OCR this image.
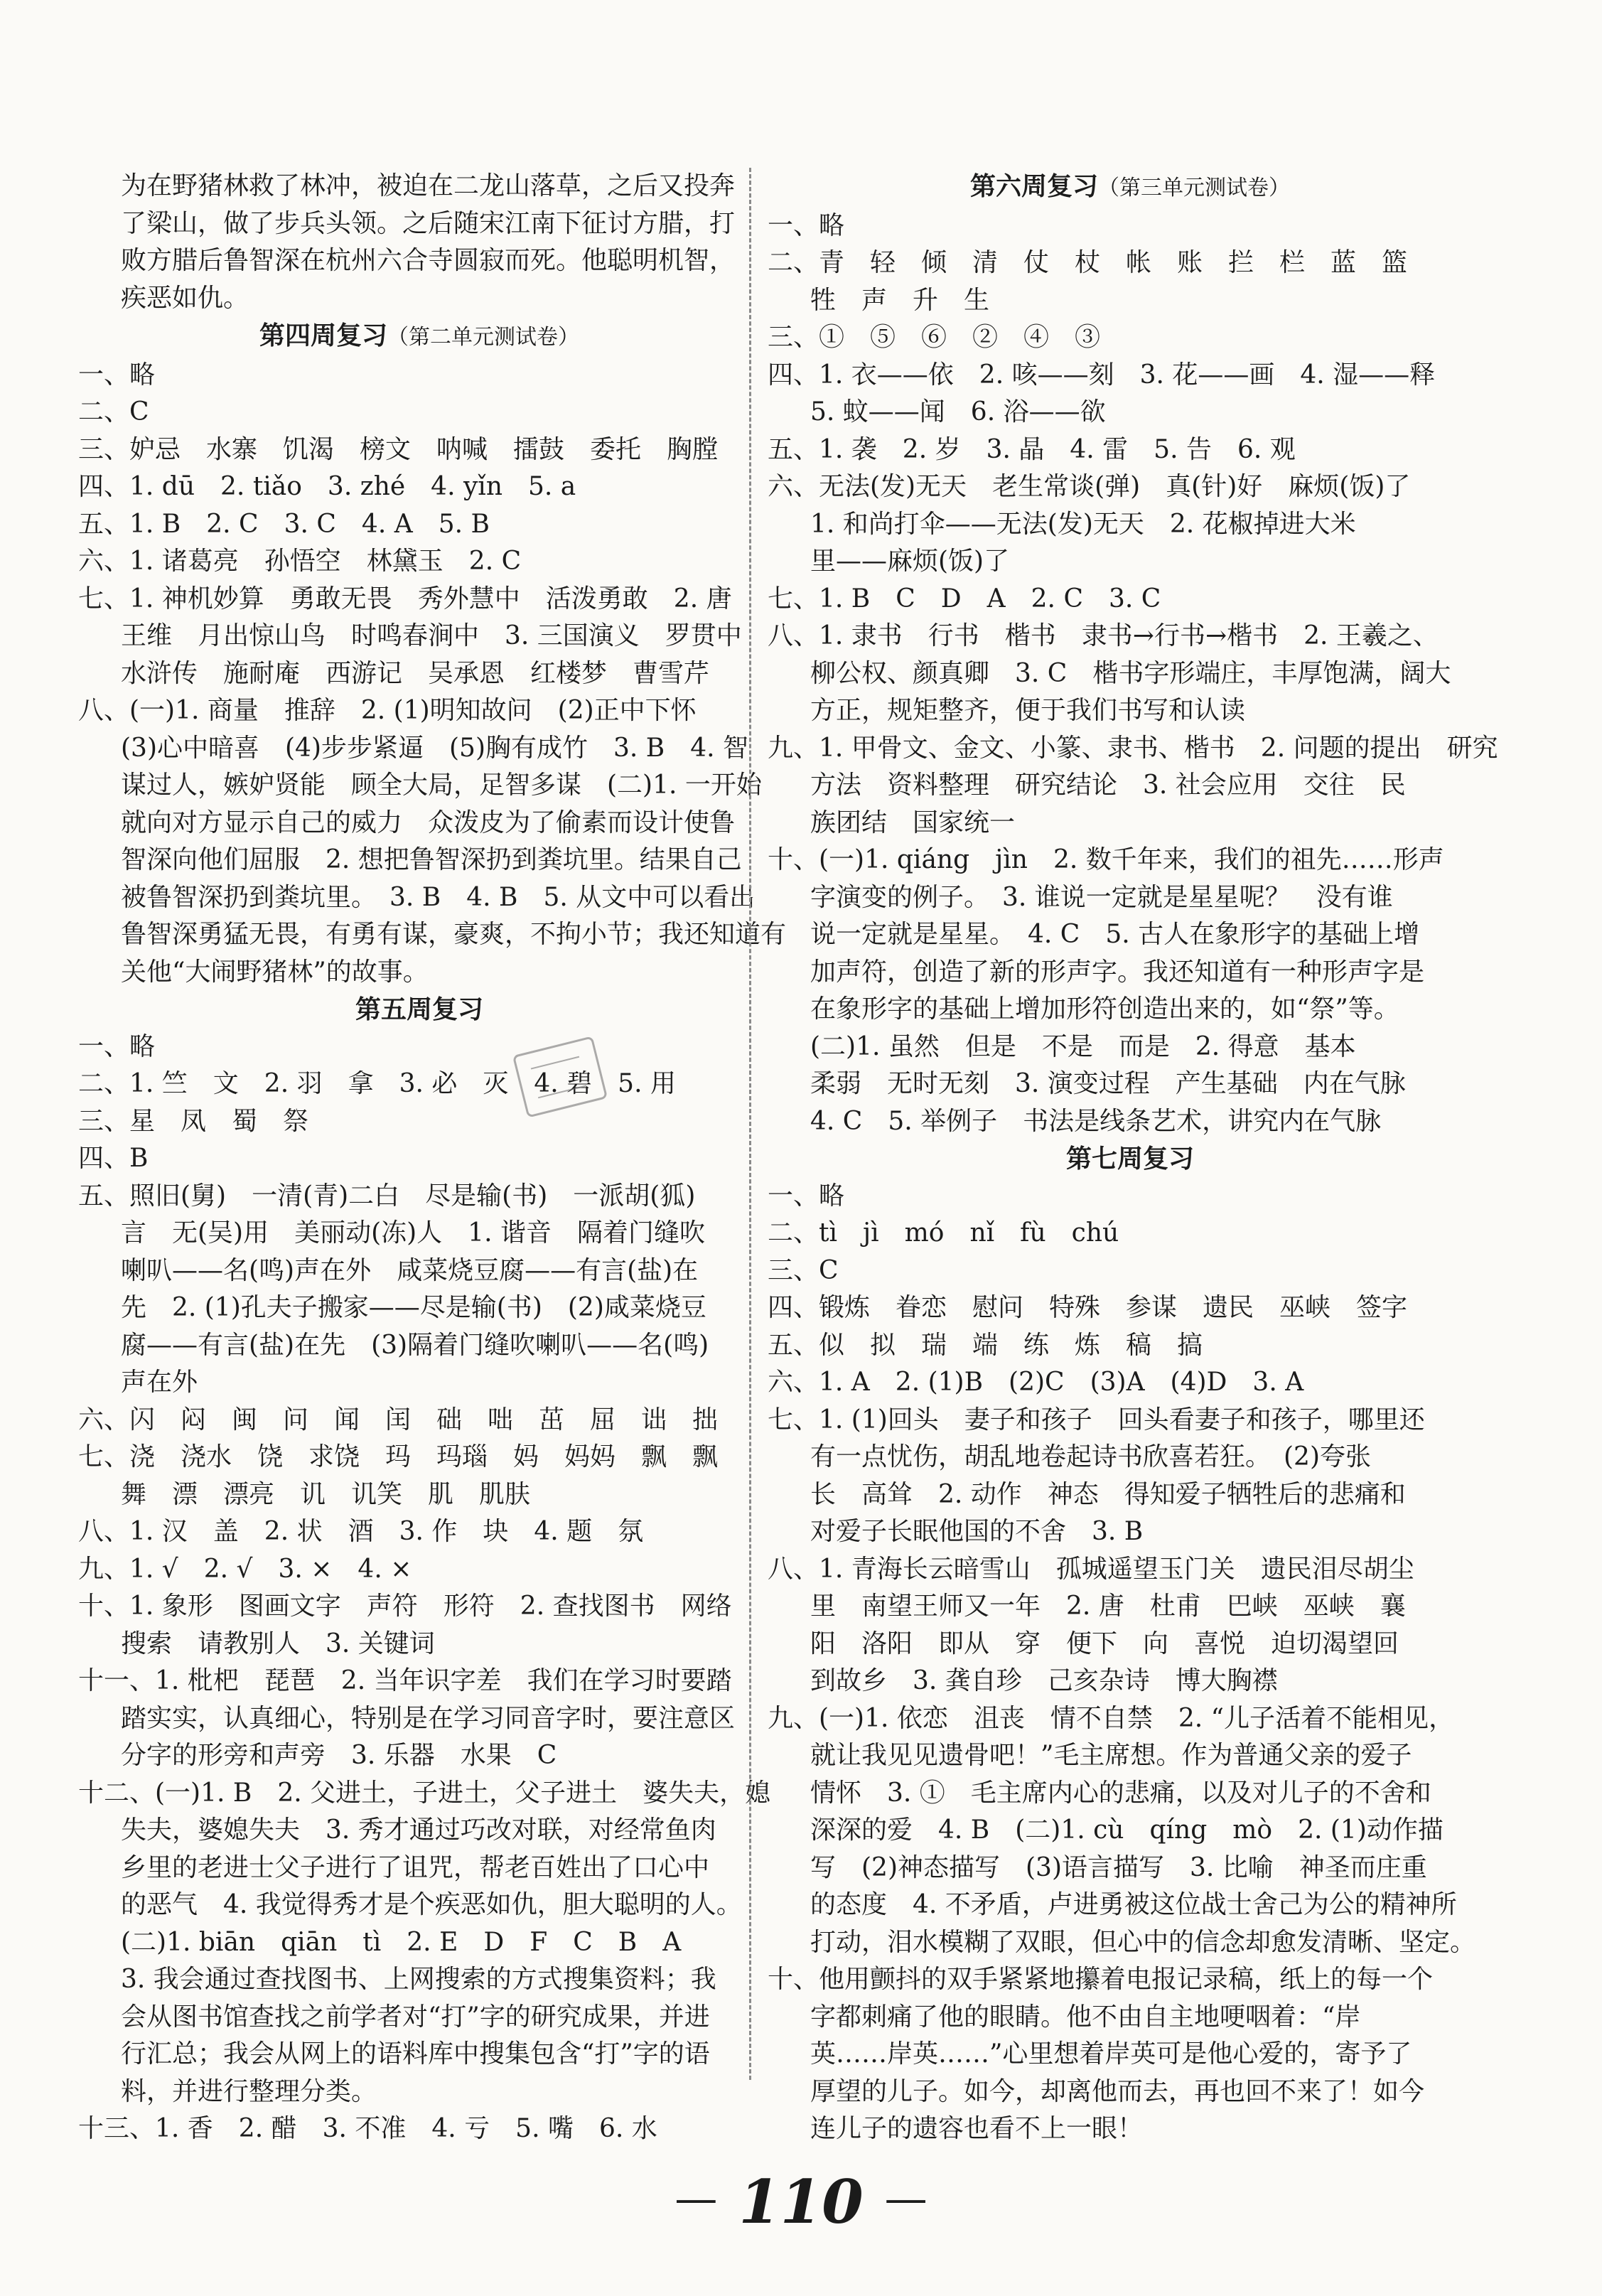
为在野猪林救了林冲，被迫在二龙山落草，之后又投奔
了梁山，做了步兵头领。之后随宋江南下征讨方腊，打
败方腊后鲁智深在杭州六合寺圆寂而死。他聪明机智，
疾恶如仇。
第四周复习（第二单元测试卷）
一、略
二、C
三、妒忌　水寨　饥渴　榜文　呐喊　擂鼓　委托　胸膛
四、1. dū　2. tiǎo　3. zhé　4. yǐn　5. a
五、1. B　2. C　3. C　4. A　5. B
六、1. 诸葛亮　孙悟空　林黛玉　2. C
七、1. 神机妙算　勇敢无畏　秀外慧中　活泼勇敢　2. 唐
王维　月出惊山鸟　时鸣春涧中　3. 三国演义　罗贯中
水浒传　施耐庵　西游记　吴承恩　红楼梦　曹雪芹
八、(一)1. 商量　推辞　2. (1)明知故问　(2)正中下怀
(3)心中暗喜　(4)步步紧逼　(5)胸有成竹　3. B　4. 智
谋过人，嫉妒贤能　顾全大局，足智多谋　(二)1. 一开始
就向对方显示自己的威力　众泼皮为了偷素而设计使鲁
智深向他们屈服　2. 想把鲁智深扔到粪坑里。结果自己
被鲁智深扔到粪坑里。　3. B　4. B　5. 从文中可以看出
鲁智深勇猛无畏，有勇有谋，豪爽，不拘小节；我还知道有
关他“大闹野猪林”的故事。
第五周复习
一、略
二、1. 竺　文　2. 羽　拿　3. 必　灭　4. 碧　5. 用
三、星　凤　蜀　祭
四、B
五、照旧(舅)　一清(青)二白　尽是输(书)　一派胡(狐)
言　无(吴)用　美丽动(冻)人　1. 谐音　隔着门缝吹
喇叭——名(鸣)声在外　咸菜烧豆腐——有言(盐)在
先　2. (1)孔夫子搬家——尽是输(书)　(2)咸菜烧豆
腐——有言(盐)在先　(3)隔着门缝吹喇叭——名(鸣)
声在外
六、闪　闷　闽　问　闻　闰　础　咄　茁　屈　诎　拙
七、浇　浇水　饶　求饶　玛　玛瑙　妈　妈妈　飘　飘
舞　漂　漂亮　讥　讥笑　肌　肌肤
八、1. 汉　盖　2. 状　酒　3. 作　块　4. 题　氛
九、1. √　2. √　3. ×　4. ×
十、1. 象形　图画文字　声符　形符　2. 查找图书　网络
搜索　请教别人　3. 关键词
十一、1. 枇杷　琵琶　2. 当年识字差　我们在学习时要踏
踏实实，认真细心，特别是在学习同音字时，要注意区
分字的形旁和声旁　3. 乐器　水果　C
十二、(一)1. B　2. 父进土，子进土，父子进土　婆失夫，媳
失夫，婆媳失夫　3. 秀才通过巧改对联，对经常鱼肉
乡里的老进士父子进行了诅咒，帮老百姓出了口心中
的恶气　4. 我觉得秀才是个疾恶如仇，胆大聪明的人。
(二)1. biān　qiān　tì　2. E　D　F　C　B　A
3. 我会通过查找图书、上网搜索的方式搜集资料；我
会从图书馆查找之前学者对“打”字的研究成果，并进
行汇总；我会从网上的语料库中搜集包含“打”字的语
料，并进行整理分类。
十三、1. 香　2. 醋　3. 不准　4. 亏　5. 嘴　6. 水
第六周复习（第三单元测试卷）
一、略
二、青　轻　倾　清　仗　杖　帐　账　拦　栏　蓝　篮
牲　声　升　生
三、①　⑤　⑥　②　④　③
四、1. 衣——依　2. 咳——刻　3. 花——画　4. 湿——释
5. 蚊——闻　6. 浴——欲
五、1. 袭　2. 岁　3. 晶　4. 雷　5. 告　6. 观
六、无法(发)无天　老生常谈(弹)　真(针)好　麻烦(饭)了
1. 和尚打伞——无法(发)无天　2. 花椒掉进大米
里——麻烦(饭)了
七、1. B　C　D　A　2. C　3. C
八、1. 隶书　行书　楷书　隶书→行书→楷书　2. 王羲之、
柳公权、颜真卿　3. C　楷书字形端庄，丰厚饱满，阔大
方正，规矩整齐，便于我们书写和认读
九、1. 甲骨文、金文、小篆、隶书、楷书　2. 问题的提出　研究
方法　资料整理　研究结论　3. 社会应用　交往　民
族团结　国家统一
十、(一)1. qiáng　jìn　2. 数千年来，我们的祖先……形声
字演变的例子。　3. 谁说一定就是星星呢？　没有谁
说一定就是星星。　4. C　5. 古人在象形字的基础上增
加声符，创造了新的形声字。我还知道有一种形声字是
在象形字的基础上增加形符创造出来的，如“祭”等。
(二)1. 虽然　但是　不是　而是　2. 得意　基本
柔弱　无时无刻　3. 演变过程　产生基础　内在气脉
4. C　5. 举例子　书法是线条艺术，讲究内在气脉
第七周复习
一、略
二、tì　jì　mó　nǐ　fù　chú
三、C
四、锻炼　眷恋　慰问　特殊　参谋　遗民　巫峡　签字
五、似　拟　瑞　端　练　炼　稿　搞
六、1. A　2. (1)B　(2)C　(3)A　(4)D　3. A
七、1. (1)回头　妻子和孩子　回头看妻子和孩子，哪里还
有一点忧伤，胡乱地卷起诗书欣喜若狂。　(2)夸张
长　高耸　2. 动作　神态　得知爱子牺牲后的悲痛和
对爱子长眠他国的不舍　3. B
八、1. 青海长云暗雪山　孤城遥望玉门关　遗民泪尽胡尘
里　南望王师又一年　2. 唐　杜甫　巴峡　巫峡　襄
阳　洛阳　即从　穿　便下　向　喜悦　迫切渴望回
到故乡　3. 龚自珍　己亥杂诗　博大胸襟
九、(一)1. 依恋　沮丧　情不自禁　2. “儿子活着不能相见，
就让我见见遗骨吧！”毛主席想。作为普通父亲的爱子
情怀　3. ①　毛主席内心的悲痛，以及对儿子的不舍和
深深的爱　4. B　(二)1. cù　qíng　mò　2. (1)动作描
写　(2)神态描写　(3)语言描写　3. 比喻　神圣而庄重
的态度　4. 不矛盾，卢进勇被这位战士舍己为公的精神所
打动，泪水模糊了双眼，但心中的信念却愈发清晰、坚定。
十、他用颤抖的双手紧紧地攥着电报记录稿，纸上的每一个
字都刺痛了他的眼睛。他不由自主地哽咽着：“岸
英……岸英……”心里想着岸英可是他心爱的，寄予了
厚望的儿子。如今，却离他而去，再也回不来了！如今
连儿子的遗容也看不上一眼！
— 110 —
